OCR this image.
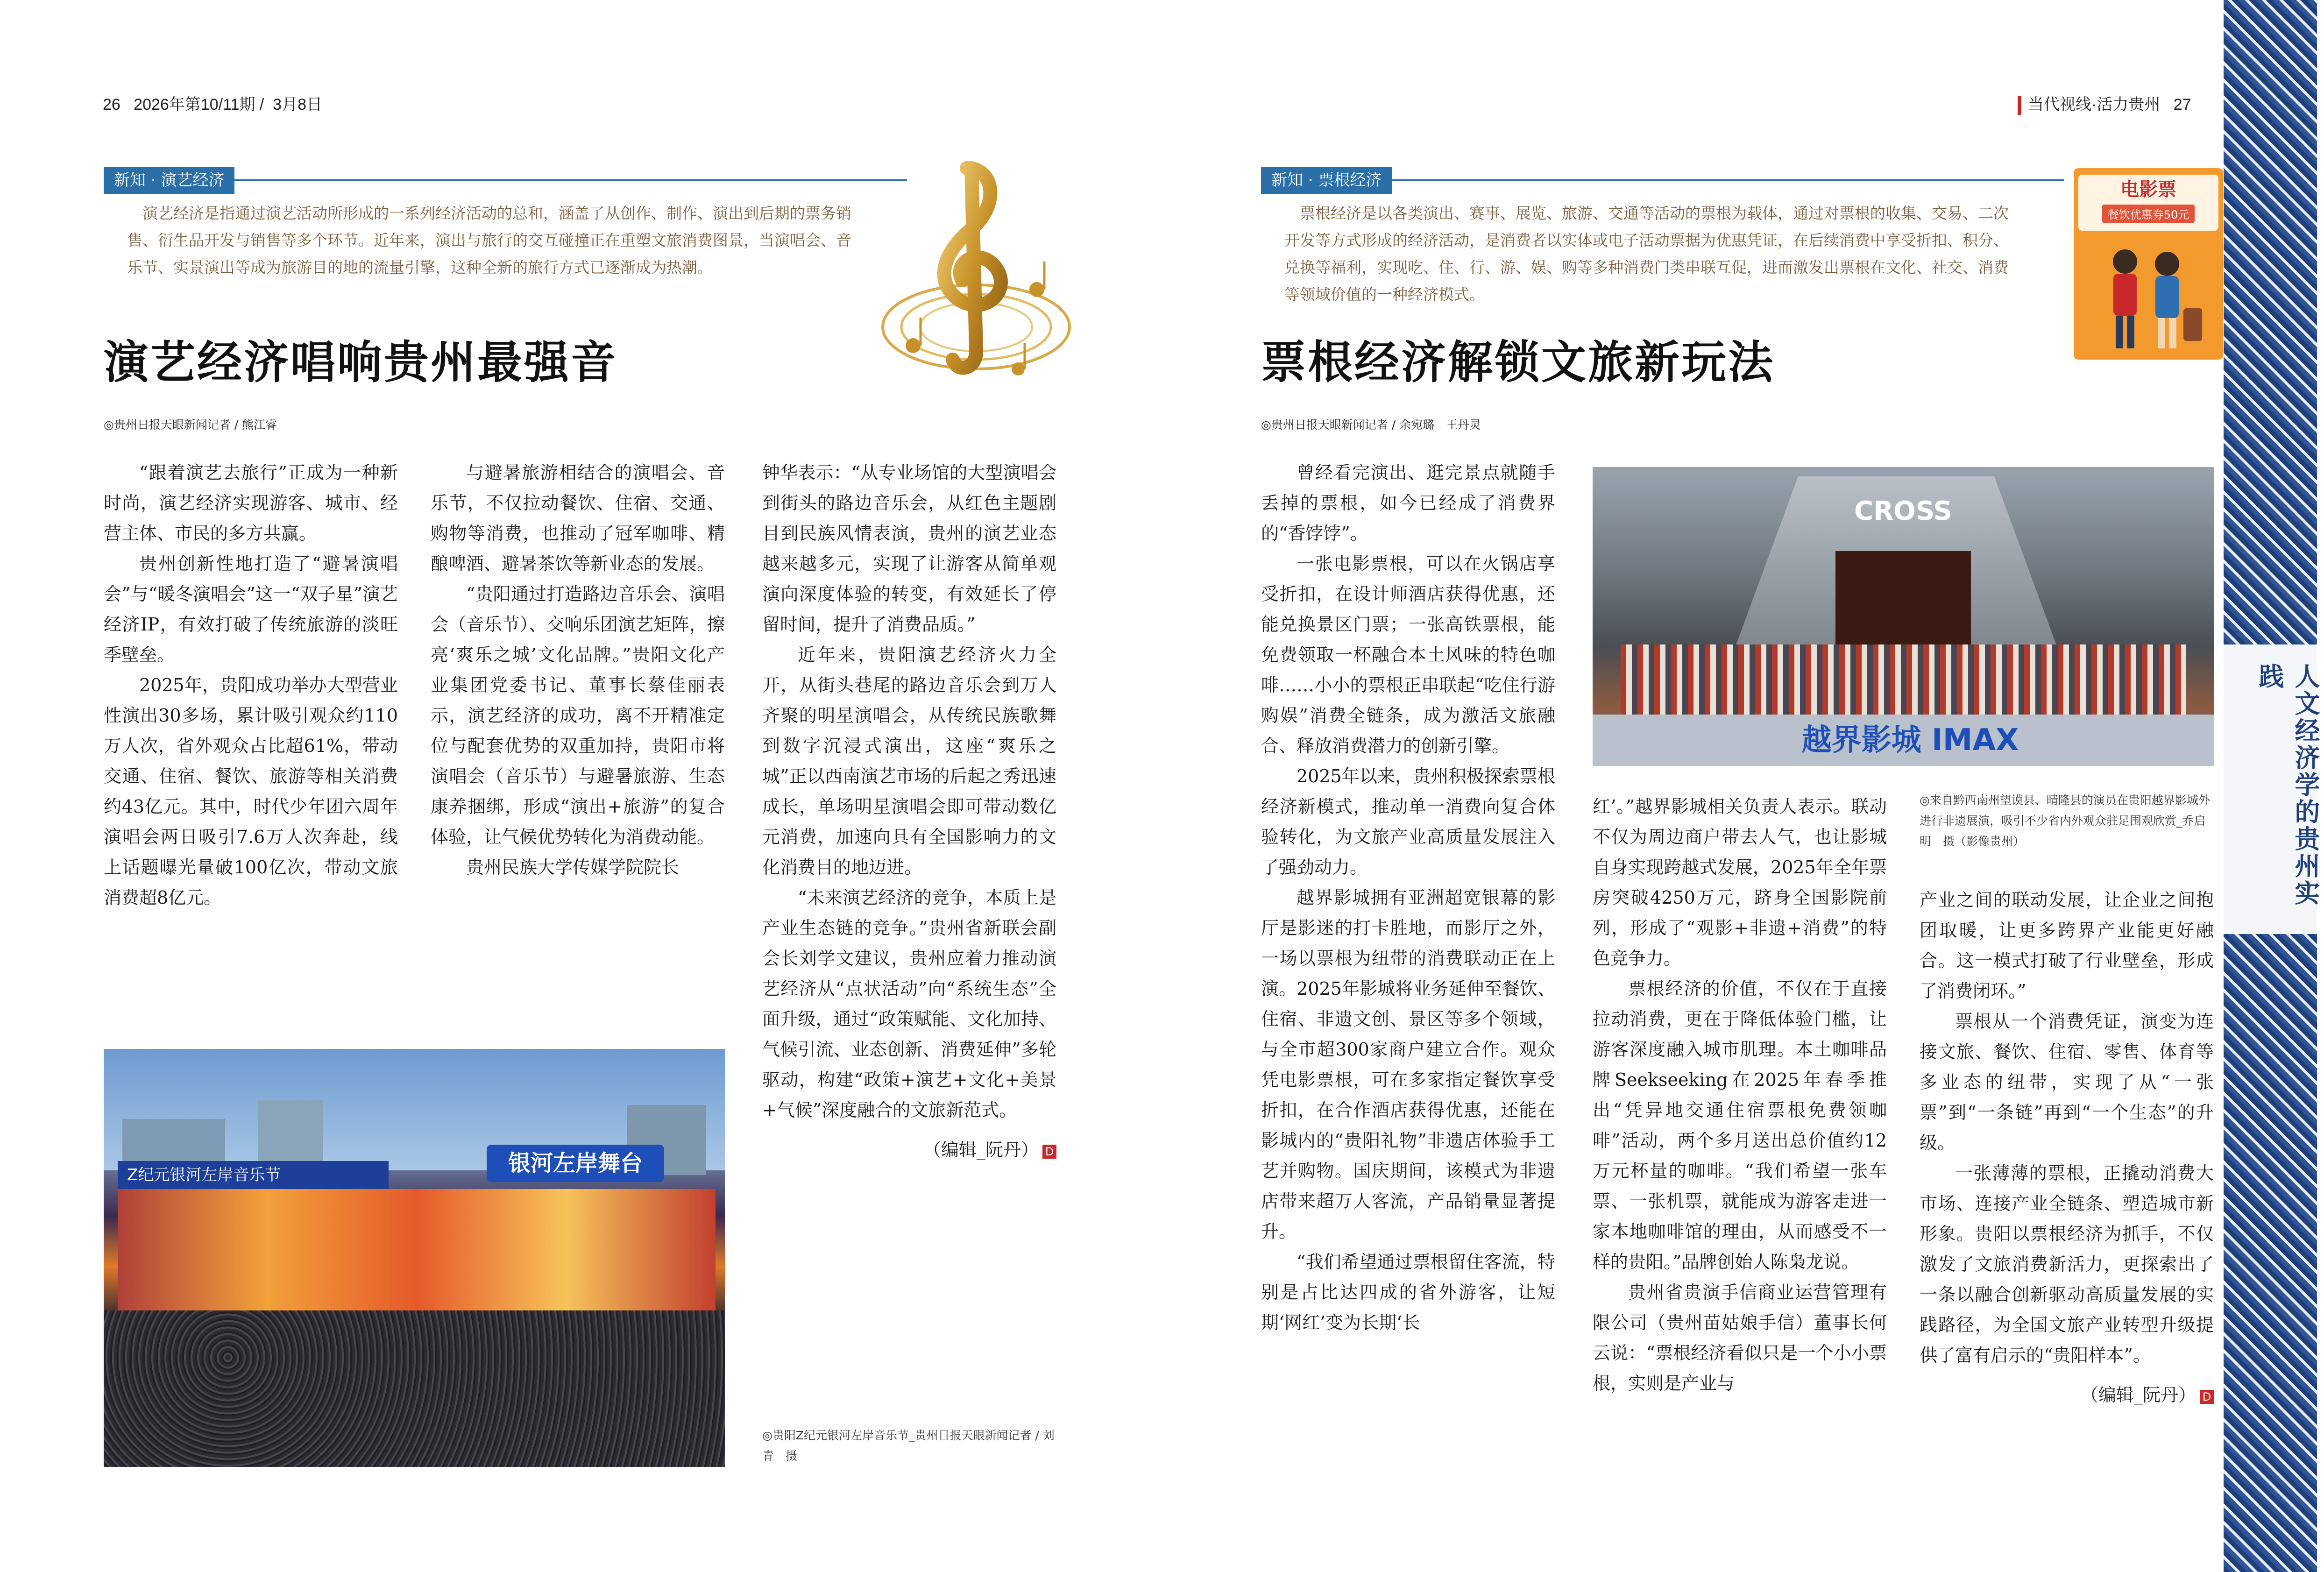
26 2026年第10/11期 /  3月8日
新知 · 演艺经济
演艺经济是指通过演艺活动所形成的一系列经济活动的总和，涵盖了从创作、制作、演出到后期的票务销售、衍生品开发与销售等多个环节。近年来，演出与旅行的交互碰撞正在重塑文旅消费图景，当演唱会、音乐节、实景演出等成为旅游目的地的流量引擎，这种全新的旅行方式已逐渐成为热潮。
演艺经济唱响贵州最强音
◎贵州日报天眼新闻记者 / 熊江睿

“跟着演艺去旅行”正成为一种新时尚，演艺经济实现游客、城市、经营主体、市民的多方共赢。

贵州创新性地打造了“避暑演唱会”与“暖冬演唱会”这一“双子星”演艺经济IP，有效打破了传统旅游的淡旺季壁垒。

2025年，贵阳成功举办大型营业性演出30多场，累计吸引观众约110万人次，省外观众占比超61%，带动交通、住宿、餐饮、旅游等相关消费约43亿元。其中，时代少年团六周年演唱会两日吸引7.6万人次奔赴，线上话题曝光量破100亿次，带动文旅消费超8亿元。

与避暑旅游相结合的演唱会、音乐节，不仅拉动餐饮、住宿、交通、购物等消费，也推动了冠军咖啡、精酿啤酒、避暑茶饮等新业态的发展。

“贵阳通过打造路边音乐会、演唱会（音乐节）、交响乐团演艺矩阵，擦亮‘爽乐之城’文化品牌。”贵阳文化产业集团党委书记、董事长蔡佳丽表示，演艺经济的成功，离不开精准定位与配套优势的双重加持，贵阳市将演唱会（音乐节）与避暑旅游、生态康养捆绑，形成“演出+旅游”的复合体验，让气候优势转化为消费动能。

贵州民族大学传媒学院院长

钟华表示：“从专业场馆的大型演唱会到街头的路边音乐会，从红色主题剧目到民族风情表演，贵州的演艺业态越来越多元，实现了让游客从简单观演向深度体验的转变，有效延长了停留时间，提升了消费品质。”

近年来，贵阳演艺经济火力全开，从街头巷尾的路边音乐会到万人齐聚的明星演唱会，从传统民族歌舞到数字沉浸式演出，这座“爽乐之城”正以西南演艺市场的后起之秀迅速成长，单场明星演唱会即可带动数亿元消费，加速向具有全国影响力的文化消费目的地迈进。

“未来演艺经济的竞争，本质上是产业生态链的竞争。”贵州省新联会副会长刘学文建议，贵州应着力推动演艺经济从“点状活动”向“系统生态”全面升级，通过“政策赋能、文化加持、气候引流、业态创新、消费延伸”多轮驱动，构建“政策+演艺+文化+美景+气候”深度融合的文旅新范式。

（编辑_阮丹） D
Z纪元银河左岸音乐节	银河左岸舞台
◎贵阳Z纪元银河左岸音乐节_贵州日报天眼新闻记者 / 刘青　摄
当代视线·活力贵州 27
新知 · 票根经济
票根经济是以各类演出、赛事、展览、旅游、交通等活动的票根为载体，通过对票根的收集、交易、二次开发等方式形成的经济活动，是消费者以实体或电子活动票据为优惠凭证，在后续消费中享受折扣、积分、兑换等福利，实现吃、住、行、游、娱、购等多种消费门类串联互促，进而激发出票根在文化、社交、消费等领域价值的一种经济模式。
电影票
餐饮优惠券50元
票根经济解锁文旅新玩法
◎贵州日报天眼新闻记者 / 余宛璐　王丹灵

曾经看完演出、逛完景点就随手丢掉的票根，如今已经成了消费界的“香饽饽”。

一张电影票根，可以在火锅店享受折扣，在设计师酒店获得优惠，还能兑换景区门票；一张高铁票根，能免费领取一杯融合本土风味的特色咖啡……小小的票根正串联起“吃住行游购娱”消费全链条，成为激活文旅融合、释放消费潜力的创新引擎。

2025年以来，贵州积极探索票根经济新模式，推动单一消费向复合体验转化，为文旅产业高质量发展注入了强劲动力。

越界影城拥有亚洲超宽银幕的影厅是影迷的打卡胜地，而影厅之外，一场以票根为纽带的消费联动正在上演。2025年影城将业务延伸至餐饮、住宿、非遗文创、景区等多个领域，与全市超300家商户建立合作。观众凭电影票根，可在多家指定餐饮享受折扣，在合作酒店获得优惠，还能在影城内的“贵阳礼物”非遗店体验手工艺并购物。国庆期间，该模式为非遗店带来超万人客流，产品销量显著提升。

“我们希望通过票根留住客流，特别是占比达四成的省外游客，让短期‘网红’变为长期‘长

CROSS
越界影城 IMAX
◎来自黔西南州望谟县、晴隆县的演员在贵阳越界影城外进行非遗展演，吸引不少省内外观众驻足围观欣赏_乔启明　摄（影像贵州）

红’。”越界影城相关负责人表示。联动不仅为周边商户带去人气，也让影城自身实现跨越式发展，2025年全年票房突破4250万元，跻身全国影院前列，形成了“观影+非遗+消费”的特色竞争力。

票根经济的价值，不仅在于直接拉动消费，更在于降低体验门槛，让游客深度融入城市肌理。本土咖啡品牌Seekseeking在2025年春季推出“凭异地交通住宿票根免费领咖啡”活动，两个多月送出总价值约12万元杯量的咖啡。“我们希望一张车票、一张机票，就能成为游客走进一家本地咖啡馆的理由，从而感受不一样的贵阳。”品牌创始人陈枭龙说。

贵州省贵演手信商业运营管理有限公司（贵州苗姑娘手信）董事长何云说：“票根经济看似只是一个小小票根，实则是产业与

产业之间的联动发展，让企业之间抱团取暖，让更多跨界产业能更好融合。这一模式打破了行业壁垒，形成了消费闭环。”

票根从一个消费凭证，演变为连接文旅、餐饮、住宿、零售、体育等多业态的纽带，实现了从“一张票”到“一条链”再到“一个生态”的升级。

一张薄薄的票根，正撬动消费大市场、连接产业全链条、塑造城市新形象。贵阳以票根经济为抓手，不仅激发了文旅消费新活力，更探索出了一条以融合创新驱动高质量发展的实践路径，为全国文旅产业转型升级提供了富有启示的“贵阳样本”。

（编辑_阮丹） D
人文经济学的贵州实践
